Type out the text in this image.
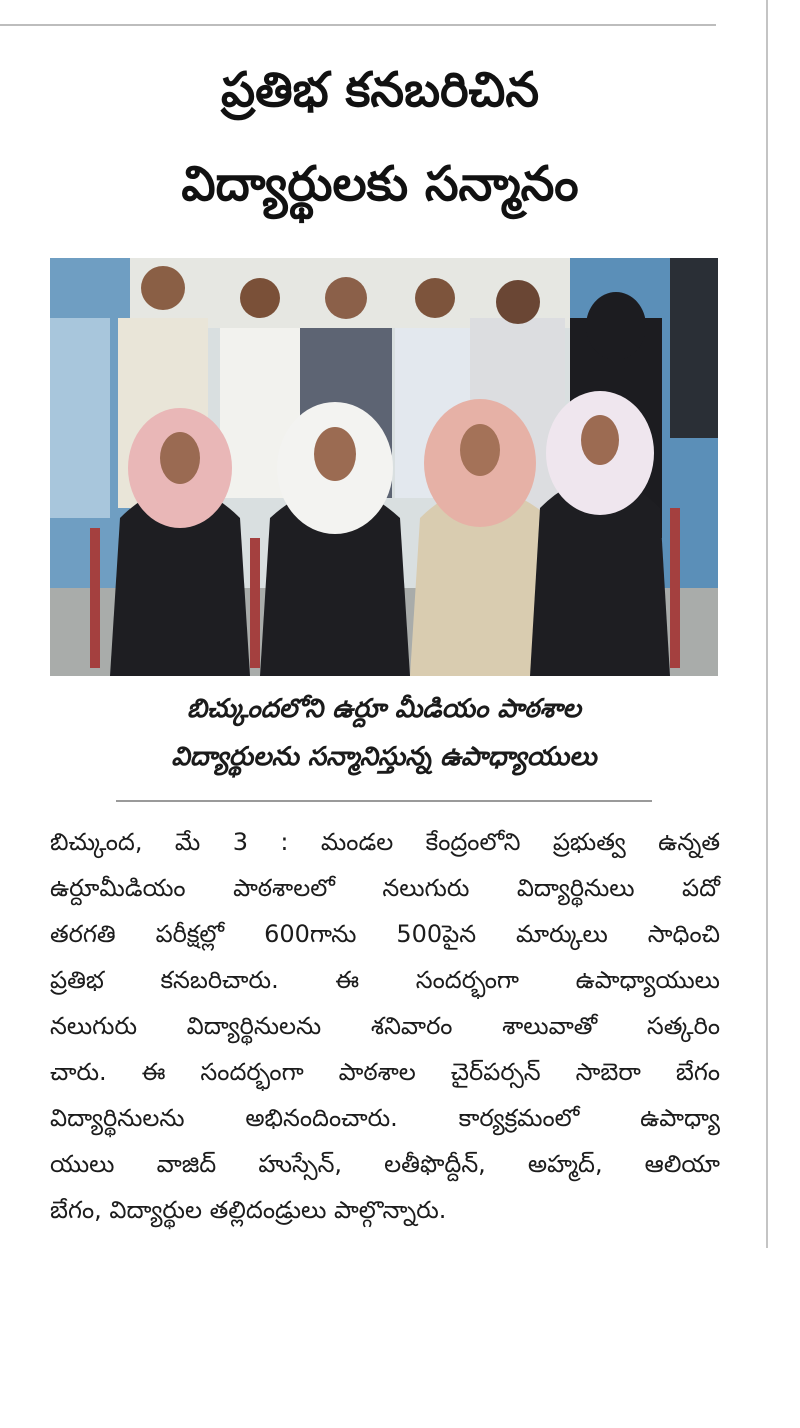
ప్రతిభ కనబరిచిన
విద్యార్థులకు సన్మానం
బిచ్కుందలోని ఉర్దూ మీడియం పాఠశాల
విద్యార్థులను సన్మానిస్తున్న ఉపాధ్యాయులు
బిచ్కుంద, మే 3 : మండల కేంద్రంలోని ప్రభుత్వ ఉన్నత
ఉర్దూమీడియం పాఠశాలలో నలుగురు విద్యార్థినులు పదో
తరగతి పరీక్షల్లో 600గాను 500పైన మార్కులు సాధించి
ప్రతిభ కనబరిచారు. ఈ సందర్భంగా ఉపాధ్యాయులు
నలుగురు విద్యార్థినులను శనివారం శాలువాతో సత్కరిం
చారు. ఈ సందర్భంగా పాఠశాల చైర్‌పర్సన్ సాబెరా బేగం
విద్యార్థినులను అభినందించారు. కార్యక్రమంలో ఉపాధ్యా
యులు వాజిద్ హుస్సేన్, లతీఫొద్దీన్, అహ్మద్, ఆలియా
బేగం, విద్యార్థుల తల్లిదండ్రులు పాల్గొన్నారు.
